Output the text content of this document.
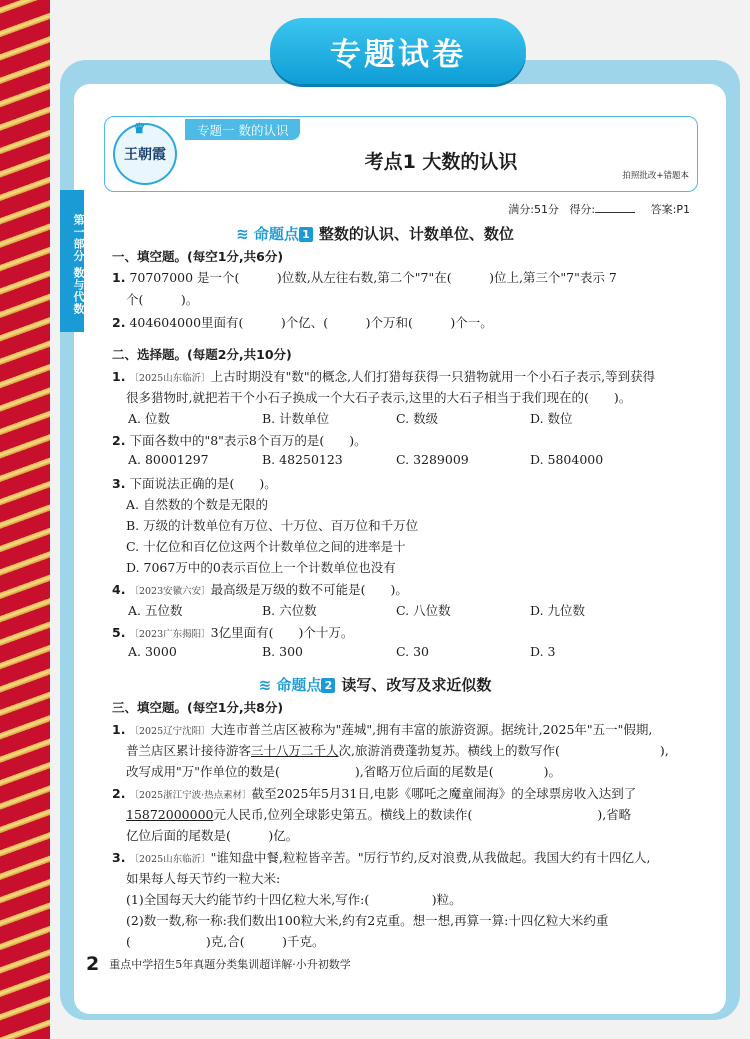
专题试卷
第一部分 数与代数
♛
王朝霞
专题一 数的认识
考点1 大数的认识
拍照批改+错题本
满分:51分 得分:	答案:P1
≋ 命题点 1 整数的认识、计数单位、数位
≋ 命题点 2 读写、改写及求近似数
一、填空题。(每空1分,共6分)
1. 70707000 是一个(　　　)位数,从左往右数,第二个"7"在(　　　)位上,第三个"7"表示 7
个(　　　)。
2. 404604000里面有(　　　)个亿、(　　　)个万和(　　　)个一。
二、选择题。(每题2分,共10分)
1. 〔2025山东临沂〕上古时期没有"数"的概念,人们打猎每获得一只猎物就用一个小石子表示,等到获得
很多猎物时,就把若干个小石子换成一个大石子表示,这里的大石子相当于我们现在的(　　)。
A. 位数	B. 计数单位	C. 数级	D. 数位
2. 下面各数中的"8"表示8个百万的是(　　)。
A. 80001297	B. 48250123	C. 3289009	D. 5804000
3. 下面说法正确的是(　　)。
A. 自然数的个数是无限的
B. 万级的计数单位有万位、十万位、百万位和千万位
C. 十亿位和百亿位这两个计数单位之间的进率是十
D. 7067万中的0表示百位上一个计数单位也没有
4. 〔2023安徽六安〕最高级是万级的数不可能是(　　)。
A. 五位数	B. 六位数	C. 八位数	D. 九位数
5. 〔2023广东揭阳〕3亿里面有(　　)个十万。
A. 3000	B. 300	C. 30	D. 3
三、填空题。(每空1分,共8分)
1. 〔2025辽宁沈阳〕大连市普兰店区被称为"莲城",拥有丰富的旅游资源。据统计,2025年"五一"假期,
普兰店区累计接待游客三十八万二千人次,旅游消费蓬勃复苏。横线上的数写作(　　　　　　　　),
改写成用"万"作单位的数是(　　　　　　),省略万位后面的尾数是(　　　　)。
2. 〔2025浙江宁波·热点素材〕截至2025年5月31日,电影《哪吒之魔童闹海》的全球票房收入达到了
15872000000元人民币,位列全球影史第五。横线上的数读作(　　　　　　　　　　),省略
亿位后面的尾数是(　　　)亿。
3. 〔2025山东临沂〕"谁知盘中餐,粒粒皆辛苦。"厉行节约,反对浪费,从我做起。我国大约有十四亿人,
如果每人每天节约一粒大米:
(1)全国每天大约能节约十四亿粒大米,写作:(　　　　　)粒。
(2)数一数,称一称:我们数出100粒大米,约有2克重。想一想,再算一算:十四亿粒大米约重
(　　　　　　)克,合(　　　)千克。
2 重点中学招生5年真题分类集训超详解·小升初数学
